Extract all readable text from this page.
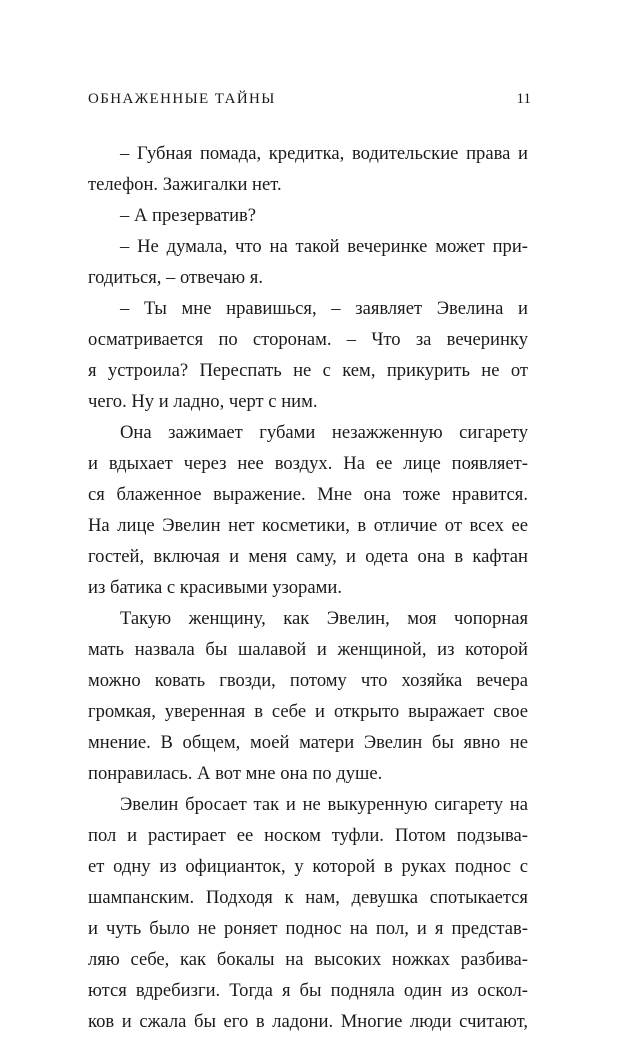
ОБНАЖЕННЫЕ ТАЙНЫ	11
– Губная помада, кредитка, водительские права и
телефон. Зажигалки нет.
– А презерватив?
– Не думала, что на такой вечеринке может при-
годиться, – отвечаю я.
– Ты мне нравишься, – заявляет Эвелина и
осматривается по сторонам. – Что за вечеринку
я устроила? Переспать не с кем, прикурить не от
чего. Ну и ладно, черт с ним.
Она зажимает губами незажженную сигарету
и вдыхает через нее воздух. На ее лице появляет-
ся блаженное выражение. Мне она тоже нравится.
На лице Эвелин нет косметики, в отличие от всех ее
гостей, включая и меня саму, и одета она в кафтан
из батика с красивыми узорами.
Такую женщину, как Эвелин, моя чопорная
мать назвала бы шалавой и женщиной, из которой
можно ковать гвозди, потому что хозяйка вечера
громкая, уверенная в себе и открыто выражает свое
мнение. В общем, моей матери Эвелин бы явно не
понравилась. А вот мне она по душе.
Эвелин бросает так и не выкуренную сигарету на
пол и растирает ее носком туфли. Потом подзыва-
ет одну из официанток, у которой в руках поднос с
шампанским. Подходя к нам, девушка спотыкается
и чуть было не роняет поднос на пол, и я представ-
ляю себе, как бокалы на высоких ножках разбива-
ются вдребизги. Тогда я бы подняла один из оскол-
ков и сжала бы его в ладони. Многие люди считают,
